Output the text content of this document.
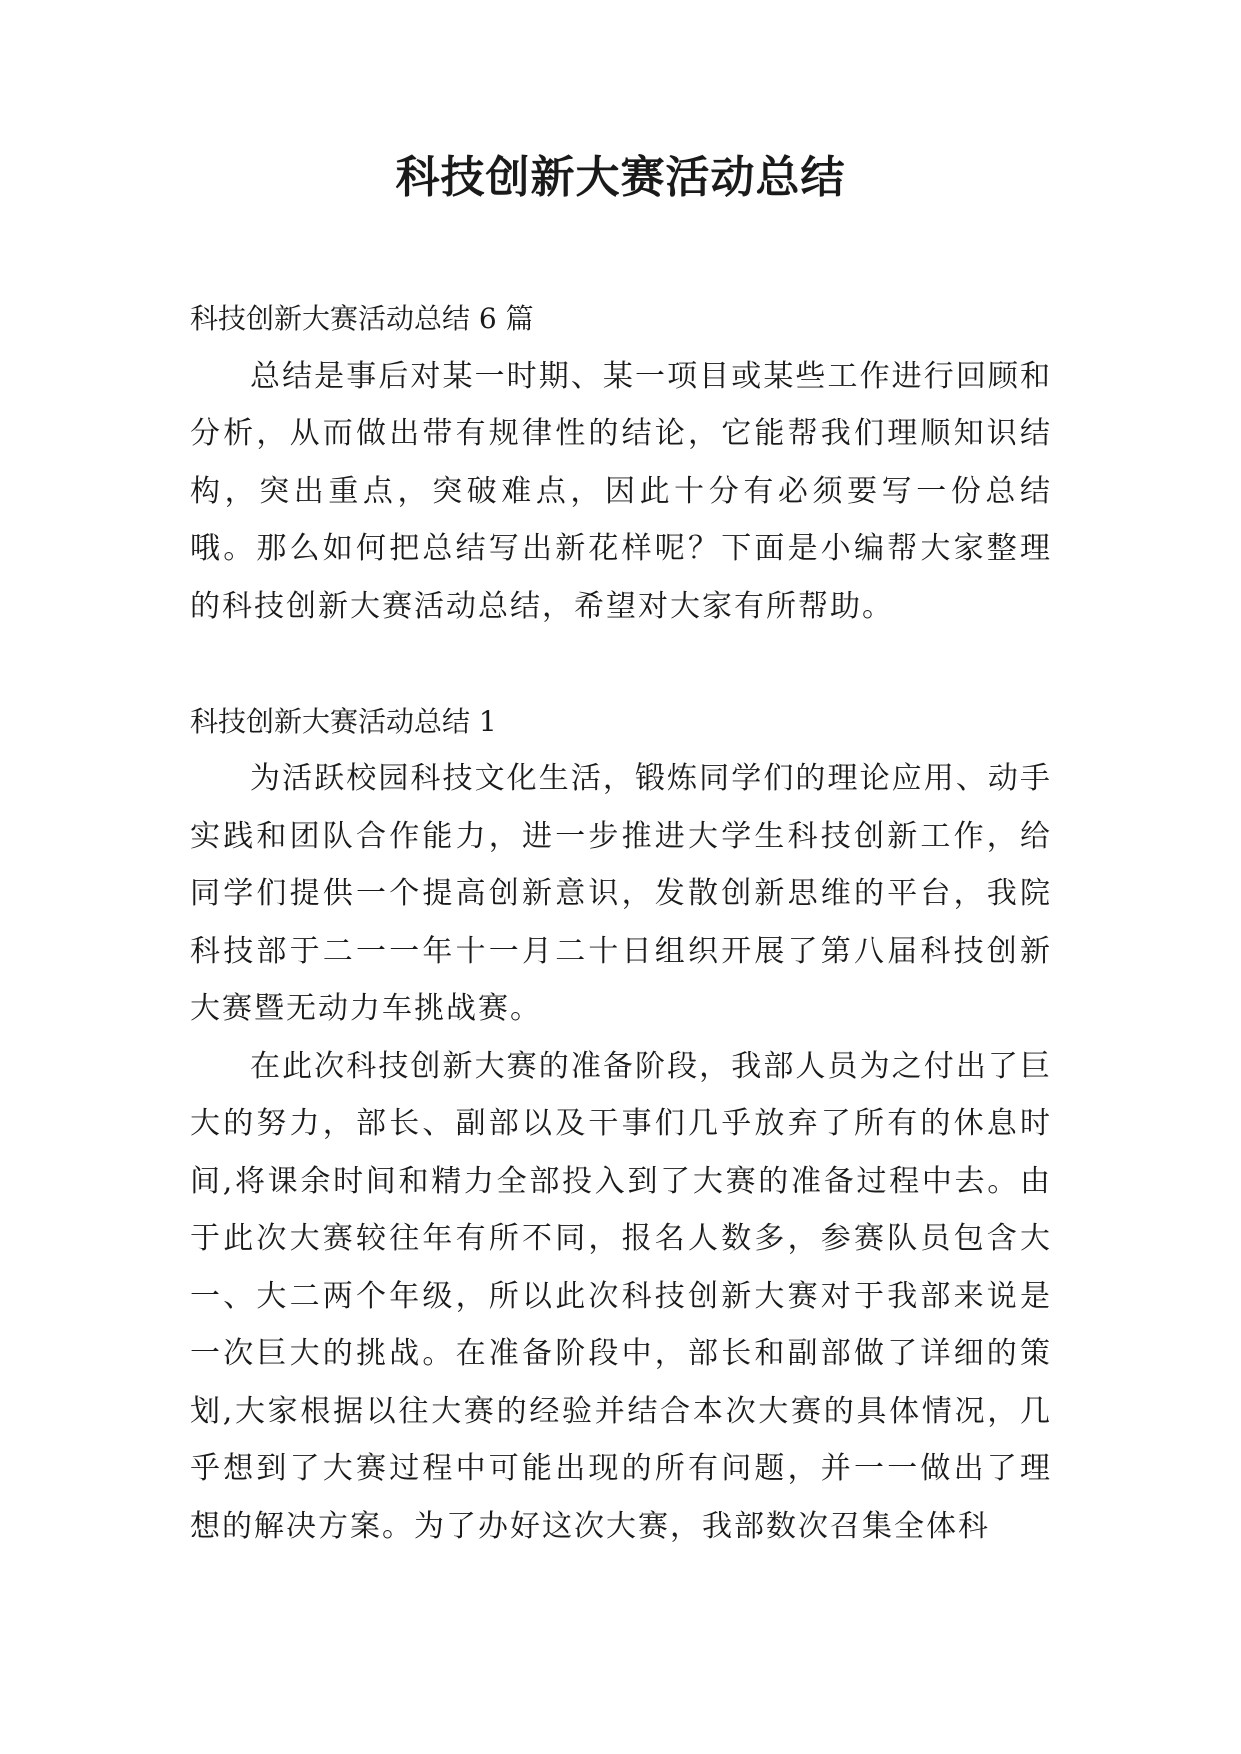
科技创新大赛活动总结

科技创新大赛活动总结 6 篇

总结是事后对某一时期、某一项目或某些工作进行回顾和分析，从而做出带有规律性的结论，它能帮我们理顺知识结构，突出重点，突破难点，因此十分有必须要写一份总结哦。那么如何把总结写出新花样呢？下面是小编帮大家整理的科技创新大赛活动总结，希望对大家有所帮助。

科技创新大赛活动总结 1

为活跃校园科技文化生活，锻炼同学们的理论应用、动手实践和团队合作能力，进一步推进大学生科技创新工作，给同学们提供一个提高创新意识，发散创新思维的平台，我院科技部于二一一年十一月二十日组织开展了第八届科技创新大赛暨无动力车挑战赛。

在此次科技创新大赛的准备阶段，我部人员为之付出了巨大的努力，部长、副部以及干事们几乎放弃了所有的休息时间,将课余时间和精力全部投入到了大赛的准备过程中去。由于此次大赛较往年有所不同，报名人数多，参赛队员包含大一、大二两个年级，所以此次科技创新大赛对于我部来说是一次巨大的挑战。在准备阶段中，部长和副部做了详细的策划,大家根据以往大赛的经验并结合本次大赛的具体情况，几乎想到了大赛过程中可能出现的所有问题，并一一做出了理想的解决方案。为了办好这次大赛，我部数次召集全体科
